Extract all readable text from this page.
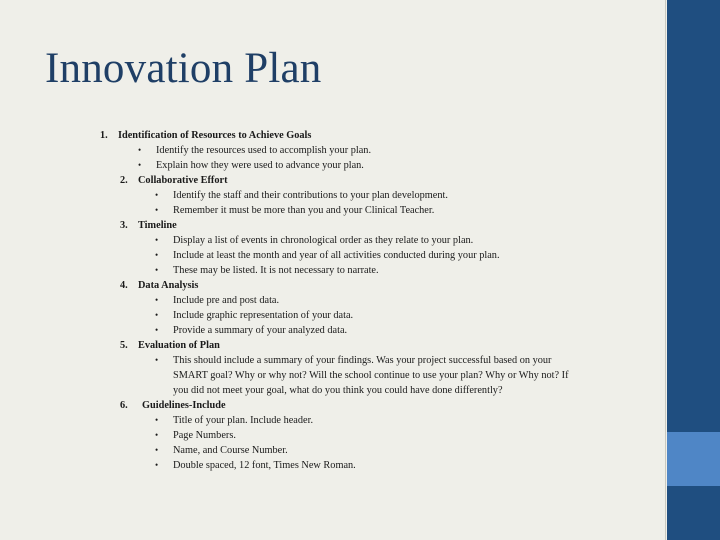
Innovation Plan
1. Identification of Resources to Achieve Goals
• Identify the resources used to accomplish your plan.
• Explain how they were used to advance your plan.
2. Collaborative Effort
• Identify the staff and their contributions to your plan development.
• Remember it must be more than you and your Clinical Teacher.
3. Timeline
• Display a list of events in chronological order as they relate to your plan.
• Include at least the month and year of all activities conducted during your plan.
• These may be listed. It is not necessary to narrate.
4. Data Analysis
• Include pre and post data.
• Include graphic representation of your data.
• Provide a summary of your analyzed data.
5. Evaluation of Plan
• This should include a summary of your findings. Was your project successful based on your SMART goal? Why or why not? Will the school continue to use your plan? Why or Why not? If you did not meet your goal, what do you think you could have done differently?
6. Guidelines-Include
• Title of your plan. Include header.
• Page Numbers.
• Name, and Course Number.
• Double spaced, 12 font, Times New Roman.
